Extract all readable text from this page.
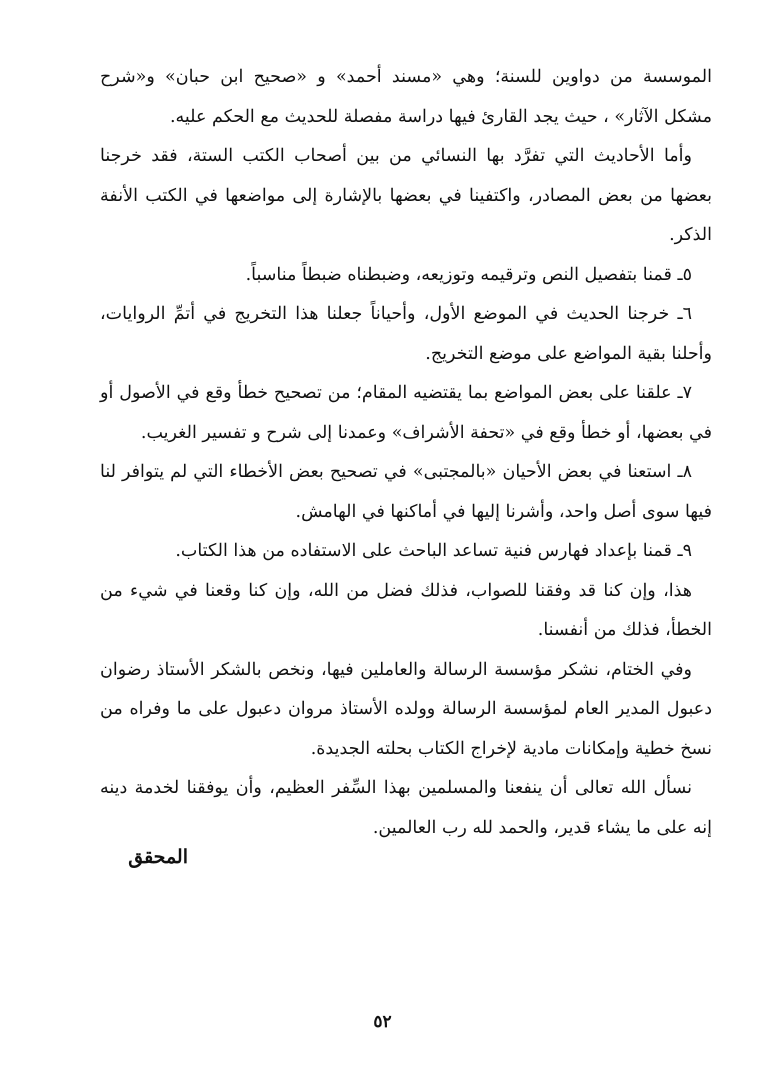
الموسسة من دواوين للسنة؛ وهي «مسند أحمد» و «صحيح ابن حبان» و«شرح مشكل الآثار» ، حيث يجد القارئ فيها دراسة مفصلة للحديث مع الحكم عليه.

وأما الأحاديث التي تفرَّد بها النسائي من بين أصحاب الكتب الستة، فقد خرجنا بعضها من بعض المصادر، واكتفينا في بعضها بالإشارة إلى مواضعها في الكتب الأنفة الذكر.

٥ـ قمنا بتفصيل النص وترقيمه وتوزيعه، وضبطناه ضبطاً مناسباً.

٦ـ خرجنا الحديث في الموضع الأول، وأحياناً جعلنا هذا التخريج في أتمِّ الروايات، وأحلنا بقية المواضع على موضع التخريج.

٧ـ علقنا على بعض المواضع بما يقتضيه المقام؛ من تصحيح خطأ وقع في الأصول أو في بعضها، أو خطأ وقع في «تحفة الأشراف» وعمدنا إلى شرح و تفسير الغريب.

٨ـ استعنا في بعض الأحيان «بالمجتبى» في تصحيح بعض الأخطاء التي لم يتوافر لنا فيها سوى أصل واحد، وأشرنا إليها في أماكنها في الهامش.

٩ـ قمنا بإعداد فهارس فنية تساعد الباحث على الاستفاده من هذا الكتاب.

هذا، وإن كنا قد وفقنا للصواب، فذلك فضل من الله، وإن كنا وقعنا في شيء من الخطأ، فذلك من أنفسنا.

وفي الختام، نشكر مؤسسة الرسالة والعاملين فيها، ونخص بالشكر الأستاذ رضوان دعبول المدير العام لمؤسسة الرسالة وولده الأستاذ مروان دعبول على ما وفراه من نسخ خطية وإمكانات مادية لإخراج الكتاب بحلته الجديدة.

نسأل الله تعالى أن ينفعنا والمسلمين بهذا السِّفر العظيم، وأن يوفقنا لخدمة دينه إنه على ما يشاء قدير، والحمد لله رب العالمين.

المحقق
٥٢
